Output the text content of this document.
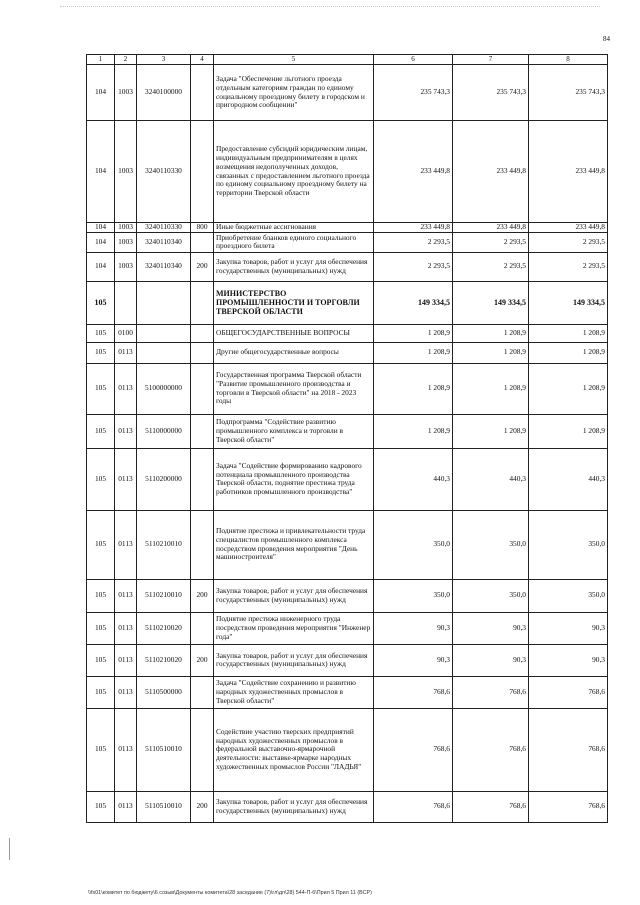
84
1	2	3	4	5	6	7	8
104	1003	3240100000		Задача "Обеспечение льготного проезда отдельным категориям граждан по единому социальному проездному билету в городском и пригородном сообщении"	235 743,3	235 743,3	235 743,3
104	1003	3240110330		Предоставление субсидий юридическим лицам, индивидуальным предпринимателям в целях возмещения недополученных доходов, связанных с предоставлением льготного проезда по единому социальному проездному билету на территории Тверской области	233 449,8	233 449,8	233 449,8
104	1003	3240110330	800	Иные бюджетные ассигнования	233 449,8	233 449,8	233 449,8
104	1003	3240110340		Приобретение бланков единого социального проездного билета	2 293,5	2 293,5	2 293,5
104	1003	3240110340	200	Закупка товаров, работ и услуг для обеспечения государственных (муниципальных) нужд	2 293,5	2 293,5	2 293,5
105				МИНИСТЕРСТВО ПРОМЫШЛЕННОСТИ И ТОРГОВЛИ ТВЕРСКОЙ ОБЛАСТИ	149 334,5	149 334,5	149 334,5
105	0100			ОБЩЕГОСУДАРСТВЕННЫЕ ВОПРОСЫ	1 208,9	1 208,9	1 208,9
105	0113			Другие общегосударственные вопросы	1 208,9	1 208,9	1 208,9
105	0113	5100000000		Государственная программа Тверской области "Развитие промышленного производства и торговли в Тверской области" на 2018 - 2023 годы	1 208,9	1 208,9	1 208,9
105	0113	5110000000		Подпрограмма "Содействие развитию промышленного комплекса и торговли в Тверской области"	1 208,9	1 208,9	1 208,9
105	0113	5110200000		Задача "Содействие формированию кадрового потенциала промышленного производства Тверской области, поднятие престижа труда работников промышленного производства"	440,3	440,3	440,3
105	0113	5110210010		Поднятие престижа и привлекательности труда специалистов промышленного комплекса посредством проведения мероприятия "День машиностроителя"	350,0	350,0	350,0
105	0113	5110210010	200	Закупка товаров, работ и услуг для обеспечения государственных (муниципальных) нужд	350,0	350,0	350,0
105	0113	5110210020		Поднятие престижа инженерного труда посредством проведения мероприятия "Инженер года"	90,3	90,3	90,3
105	0113	5110210020	200	Закупка товаров, работ и услуг для обеспечения государственных (муниципальных) нужд	90,3	90,3	90,3
105	0113	5110500000		Задача "Содействие сохранению и развитию народных художественных промыслов в Тверской области"	768,6	768,6	768,6
105	0113	5110510010		Содействие участию тверских предприятий народных художественных промыслов в федеральной выставочно-ярмарочной деятельности: выставке-ярмарке народных художественных промыслов России "ЛАДЬЯ"	768,6	768,6	768,6
105	0113	5110510010	200	Закупка товаров, работ и услуг для обеспечения государственных (муниципальных) нужд	768,6	768,6	768,6
\\fs01\комитет по бюджету\6 созыв\Документы комитета\28 заседание (7)\гл\дп\28) 544-П-6\Прил 5 Прил 11 (ВСР)
